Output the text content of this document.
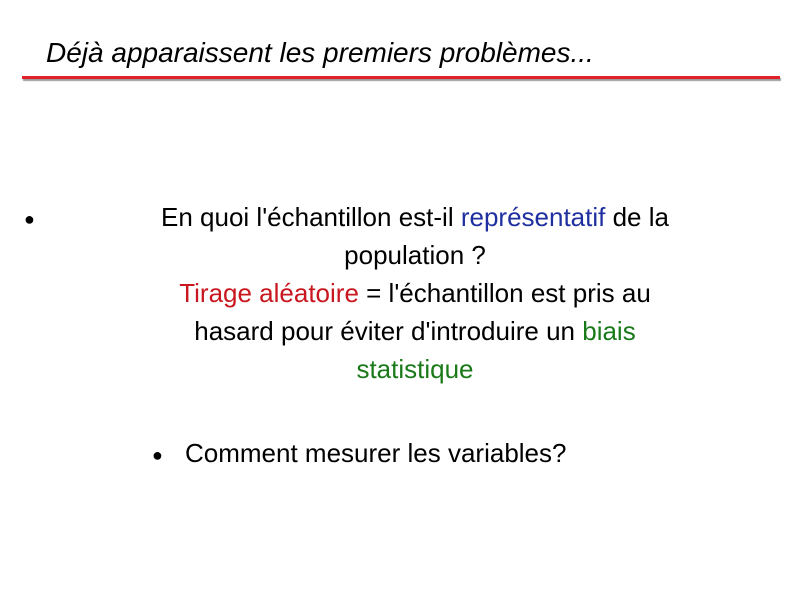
Déjà apparaissent les premiers problèmes...
●	En quoi l'échantillon est-il représentatif de la
population ?
Tirage aléatoire = l'échantillon est pris au
hasard pour éviter d'introduire un biais
statistique
● Comment mesurer les variables?
